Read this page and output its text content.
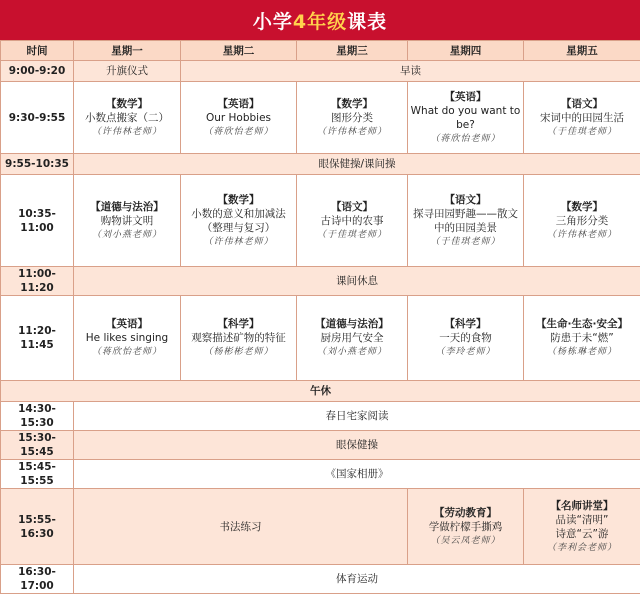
小学4年级课表
时间	星期一	星期二	星期三	星期四	星期五
9:00-9:20	升旗仪式	早读			
9:30-9:55	【数学】
小数点搬家（二）
（许伟林老师）	【英语】
Our Hobbies
（蒋欣怡老师）	【数学】
图形分类
（许伟林老师）	【英语】
What do you want to be?
（蒋欣怡老师）	【语文】
宋词中的田园生活
（于佳琪老师）

9:55-10:35	眼保健操/课间操				
10:35-11:00	【道德与法治】
购物讲文明
（刘小燕老师）	【数学】
小数的意义和加减法（整理与复习）
（许伟林老师）	【语文】
古诗中的农事
（于佳琪老师）	【语文】
探寻田园野趣——散文中的田园美景
（于佳琪老师）	【数学】
三角形分类
（许伟林老师）

11:00-11:20	课间休息				
11:20-11:45	【英语】
He likes singing
（蒋欣怡老师）	【科学】
观察描述矿物的特征
（杨彬彬老师）	【道德与法治】
厨房用气安全
（刘小燕老师）	【科学】
一天的食物
（李玲老师）	【生命·生态·安全】
防患于未“燃”
（杨栋琳老师）

午休					
14:30-15:30	春日宅家阅读				
15:30-15:45	眼保健操				
15:45-15:55	《国家相册》				
15:55-16:30	书法练习			【劳动教育】
学做柠檬手撕鸡
（吴云凤老师）	【名师讲堂】
品读“清明”
诗意“云”游
（李利会老师）

16:30-17:00	体育运动				
